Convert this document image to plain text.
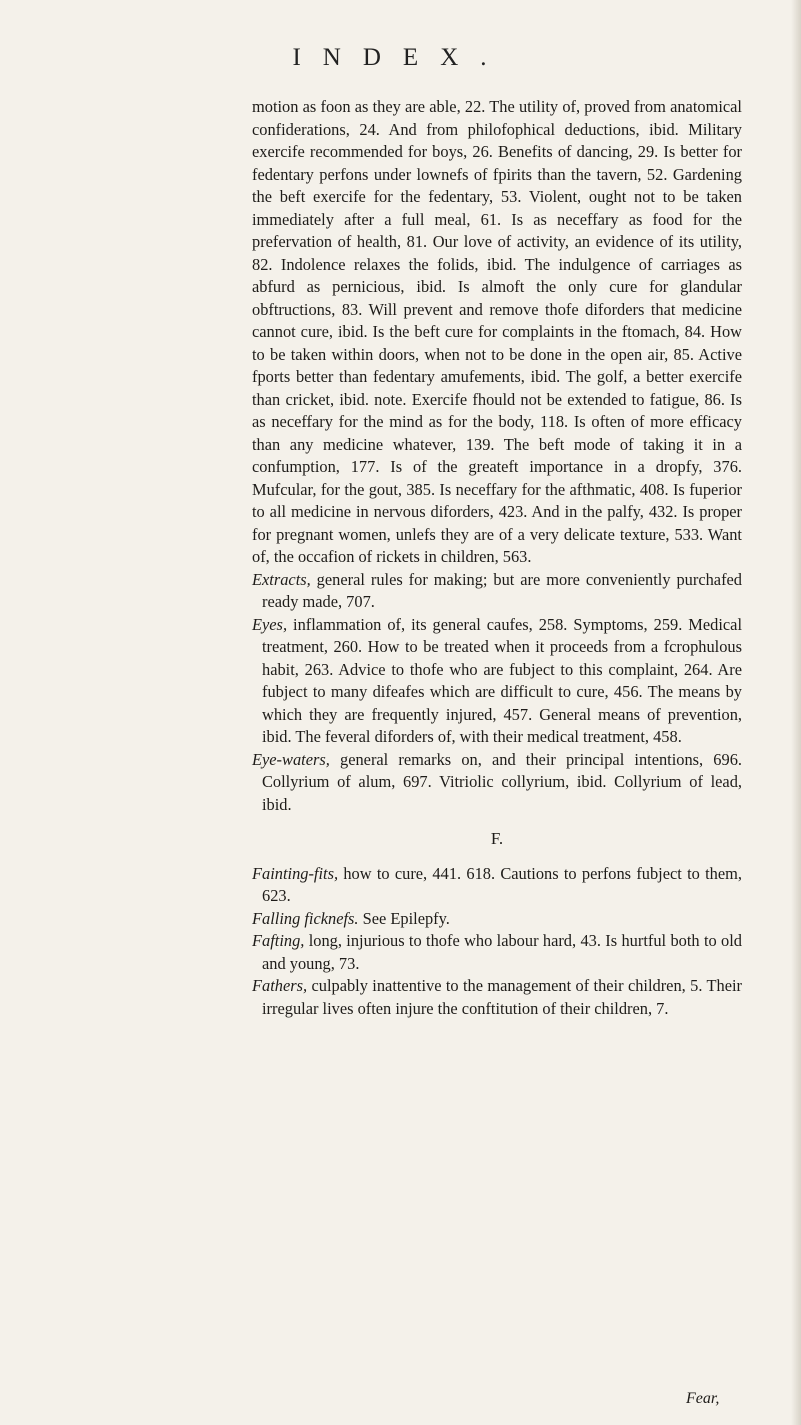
INDEX.

motion as foon as they are able, 22. The utility of, proved from anatomical confiderations, 24. And from philofophical deductions, ibid. Military exercife recommended for boys, 26. Benefits of dancing, 29. Is better for fedentary perfons under lownefs of fpirits than the tavern, 52. Gardening the beft exercife for the fedentary, 53. Violent, ought not to be taken immediately after a full meal, 61. Is as neceffary as food for the prefervation of health, 81. Our love of activity, an evidence of its utility, 82. Indolence relaxes the folids, ibid. The indulgence of carriages as abfurd as pernicious, ibid. Is almoft the only cure for glandular obftructions, 83. Will prevent and remove thofe diforders that medicine cannot cure, ibid. Is the beft cure for complaints in the ftomach, 84. How to be taken within doors, when not to be done in the open air, 85. Active fports better than fedentary amufements, ibid. The golf, a better exercife than cricket, ibid. note. Exercife fhould not be extended to fatigue, 86. Is as neceffary for the mind as for the body, 118. Is often of more efficacy than any medicine whatever, 139. The beft mode of taking it in a confumption, 177. Is of the greateft importance in a dropfy, 376. Mufcular, for the gout, 385. Is neceffary for the afthmatic, 408. Is fuperior to all medicine in nervous diforders, 423. And in the palfy, 432. Is proper for pregnant women, unlefs they are of a very delicate texture, 533. Want of, the occafion of rickets in children, 563.

Extracts, general rules for making; but are more conveniently purchafed ready made, 707.

Eyes, inflammation of, its general caufes, 258. Symptoms, 259. Medical treatment, 260. How to be treated when it proceeds from a fcrophulous habit, 263. Advice to thofe who are fubject to this complaint, 264. Are fubject to many difeafes which are difficult to cure, 456. The means by which they are frequently injured, 457. General means of prevention, ibid. The feveral diforders of, with their medical treatment, 458.

Eye-waters, general remarks on, and their principal intentions, 696. Collyrium of alum, 697. Vitriolic collyrium, ibid. Collyrium of lead, ibid.

F.

Fainting-fits, how to cure, 441. 618. Cautions to perfons fubject to them, 623.

Falling ficknefs. See Epilepfy.

Fafting, long, injurious to thofe who labour hard, 43. Is hurtful both to old and young, 73.

Fathers, culpably inattentive to the management of their children, 5. Their irregular lives often injure the conftitution of their children, 7.

Fear,
